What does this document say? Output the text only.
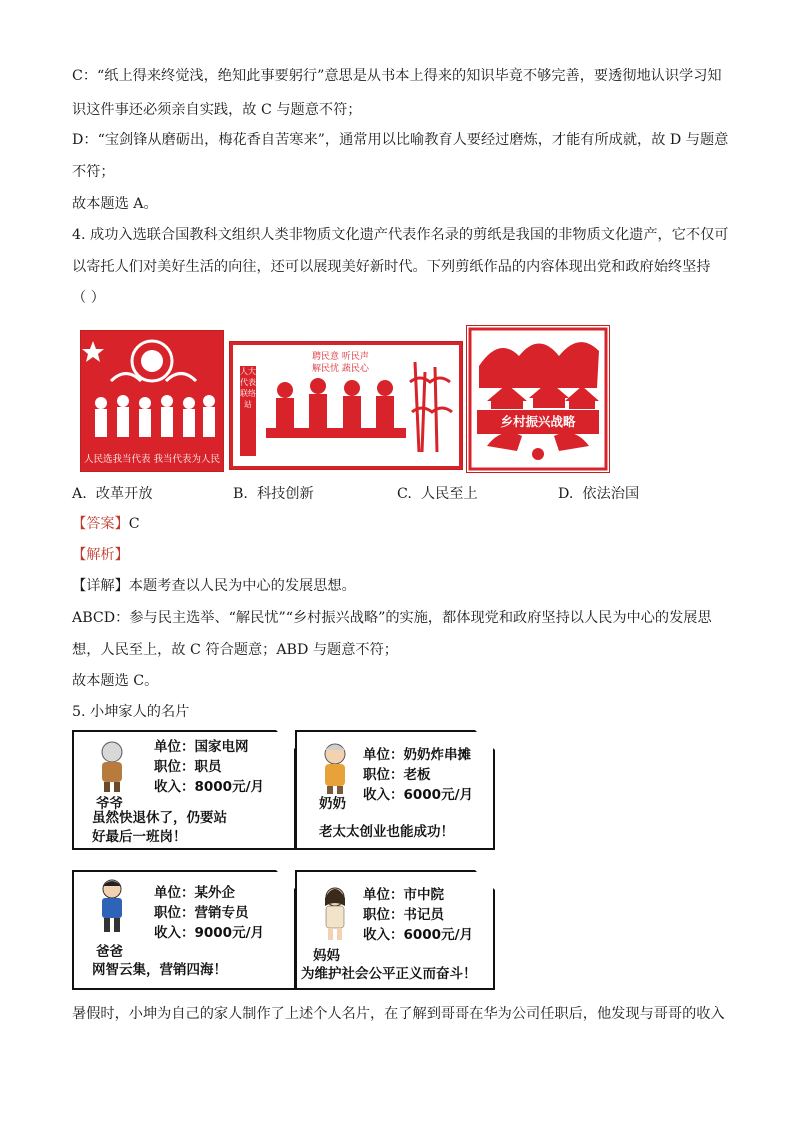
C：“纸上得来终觉浅，绝知此事要躬行”意思是从书本上得来的知识毕竟不够完善，要透彻地认识学习知
识这件事还必须亲自实践，故 C 与题意不符；
D：“宝剑锋从磨砺出，梅花香自苦寒来”，通常用以比喻教育人要经过磨炼，才能有所成就，故 D 与题意
不符；
故本题选 A。
4. 成功入选联合国教科文组织人类非物质文化遗产代表作名录的剪纸是我国的非物质文化遗产，它不仅可
以寄托人们对美好生活的向往，还可以展现美好新时代。下列剪纸作品的内容体现出党和政府始终坚持
（ ）
人民选我当代表 我当代表为人民
聘民意 听民声
解民忧 蔬民心
人大代表联络站
乡村振兴战略
A. 改革开放	B. 科技创新	C. 人民至上	D. 依法治国
【答案】C
【解析】
【详解】本题考查以人民为中心的发展思想。
ABCD：参与民主选举、“解民忧”“乡村振兴战略”的实施，都体现党和政府坚持以人民为中心的发展思
想，人民至上，故 C 符合题意；ABD 与题意不符；
故本题选 C。
5. 小坤家人的名片
爷爷
单位：国家电网
职位：职员
收入：8000元/月
虽然快退休了，仍要站
好最后一班岗！
奶奶
单位：奶奶炸串摊
职位：老板
收入：6000元/月
老太太创业也能成功！
爸爸
单位：某外企
职位：营销专员
收入：9000元/月
网智云集，营销四海！
妈妈
单位：市中院
职位：书记员
收入：6000元/月
为维护社会公平正义而奋斗！
暑假时，小坤为自己的家人制作了上述个人名片，在了解到哥哥在华为公司任职后，他发现与哥哥的收入
